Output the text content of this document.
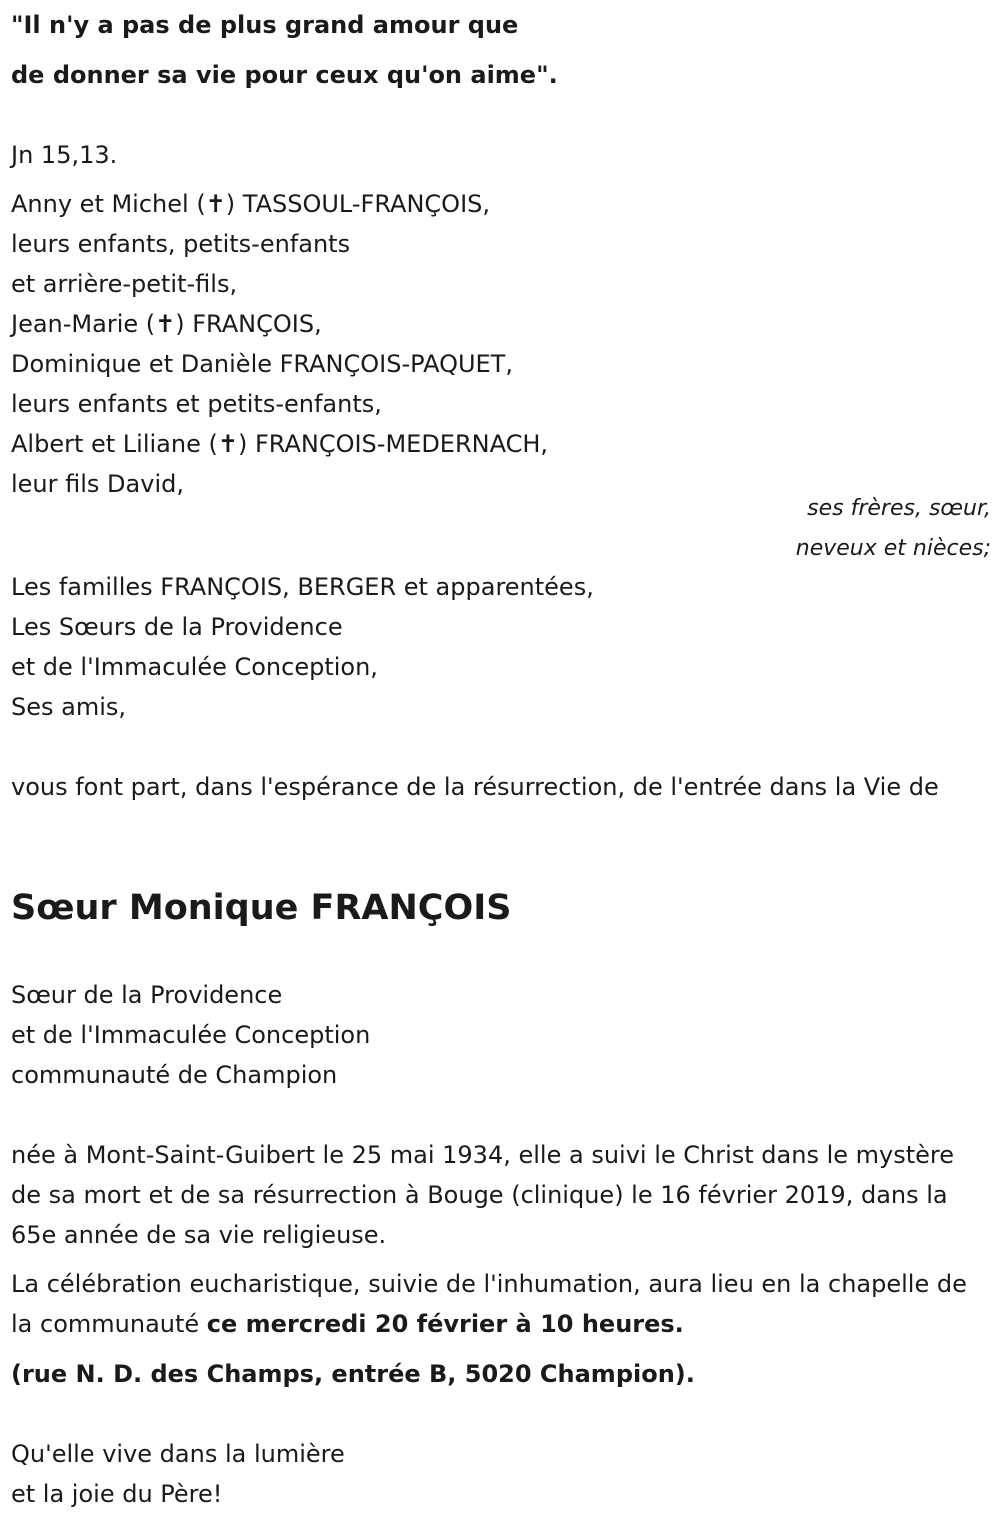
"Il n'y a pas de plus grand amour que
de donner sa vie pour ceux qu'on aime".
Jn 15,13.
Anny et Michel (✝) TASSOUL-FRANÇOIS,
leurs enfants, petits-enfants
et arrière-petit-fils,
Jean-Marie (✝) FRANÇOIS,
Dominique et Danièle FRANÇOIS-PAQUET,
leurs enfants et petits-enfants,
Albert et Liliane (✝) FRANÇOIS-MEDERNACH,
leur fils David,
ses frères, sœur,
neveux et nièces;
Les familles FRANÇOIS, BERGER et apparentées,
Les Sœurs de la Providence
et de l'Immaculée Conception,
Ses amis,
vous font part, dans l'espérance de la résurrection, de l'entrée dans la Vie de
Sœur Monique FRANÇOIS
Sœur de la Providence
et de l'Immaculée Conception
communauté de Champion
née à Mont-Saint-Guibert le 25 mai 1934, elle a suivi le Christ dans le mystère de sa mort et de sa résurrection à Bouge (clinique) le 16 février 2019, dans la 65e année de sa vie religieuse.
La célébration eucharistique, suivie de l'inhumation, aura lieu en la chapelle de la communauté ce mercredi 20 février à 10 heures.
(rue N. D. des Champs, entrée B, 5020 Champion).
Qu'elle vive dans la lumière
et la joie du Père!
